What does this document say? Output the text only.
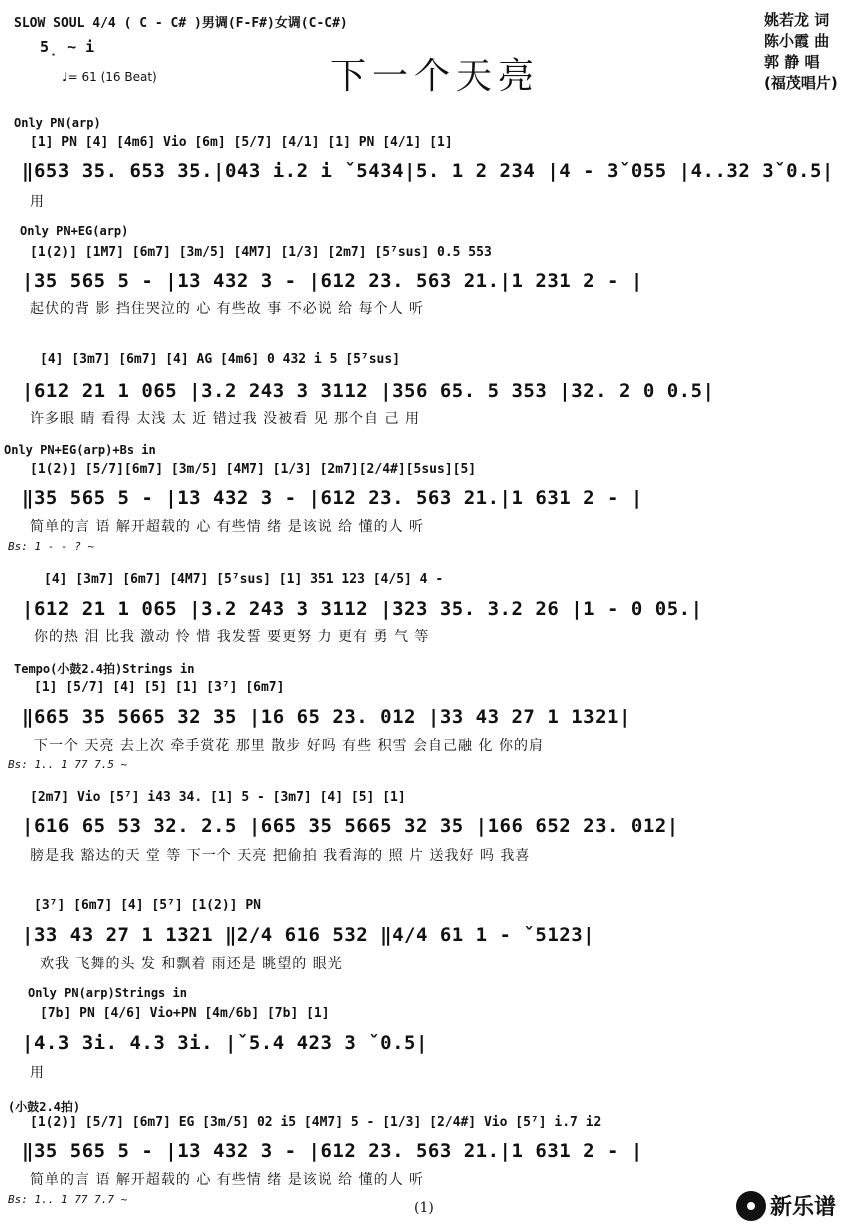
SLOW SOUL 4/4 ( C - C# )男调(F-F#)女调(C-C#)
5̣ ~ i
♩= 61 (16 Beat)	下一个天亮
姚若龙 词
陈小霞 曲
郭 静 唱
(福茂唱片)
Only PN(arp)
[1] PN [4] [4m6] Vio [6m] [5/7] [4/1] [1] PN [4/1] [1]
‖653 35. 653 35.|043 i.2 i ˇ5434|5. 1 2 234 |4 - 3ˇ055 |4..32 3ˇ0.5|
用
Only PN+EG(arp)
[1(2)] [1M7] [6m7] [3m/5] [4M7] [1/3] [2m7] [5⁷sus] 0.5 553
|35 565 5 - |13 432 3 - |612 23. 563 21.|1 231 2 - |
起伏的背 影 挡住哭泣的 心 有些故 事 不必说 给 每个人 听
[4] [3m7] [6m7] [4] AG [4m6] 0 432 i 5 [5⁷sus]
|612 21 1 065 |3.2 243 3 3112 |356 65. 5 353 |32. 2 0 0.5|
许多眼 睛 看得 太浅 太 近 错过我 没被看 见 那个自 己 用
Only PN+EG(arp)+Bs in
[1(2)] [5/7][6m7] [3m/5] [4M7] [1/3] [2m7][2/4#][5sus][5]
‖35 565 5 - |13 432 3 - |612 23. 563 21.|1 631 2 - |
简单的言 语 解开超载的 心 有些情 绪 是该说 给 懂的人 听
Bs: 1 - - ? ~
[4] [3m7] [6m7] [4M7] [5⁷sus] [1] 351 123 [4/5] 4 -
|612 21 1 065 |3.2 243 3 3112 |323 35. 3.2 26 |1 - 0 05.|
你的热 泪 比我 激动 怜 惜 我发誓 要更努 力 更有 勇 气 等
Tempo(小鼓2.4拍)Strings in
[1] [5/7] [4] [5] [1] [3⁷] [6m7]
‖665 35 5665 32 35 |16 65 23. 012 |33 43 27 1 1321|
下一个 天亮 去上次 牵手赏花 那里 散步 好吗 有些 积雪 会自己融 化 你的肩
Bs: 1.. 1 77 7.5 ~
[2m7] Vio [5⁷] i43 34. [1] 5 - [3m7] [4] [5] [1]
|616 65 53 32. 2.5 |665 35 5665 32 35 |166 652 23. 012|
膀是我 豁达的天 堂 等 下一个 天亮 把偷拍 我看海的 照 片 送我好 吗 我喜
[3⁷] [6m7] [4] [5⁷] [1(2)] PN
|33 43 27 1 1321 ‖2/4 616 532 ‖4/4 61 1 - ˇ5123|
欢我 飞舞的头 发 和飘着 雨还是 眺望的 眼光
Only PN(arp)Strings in
[7b] PN [4/6] Vio+PN [4m/6b] [7b] [1]
|4.3 3i. 4.3 3i. |ˇ5.4 423 3 ˇ0.5|
用
(小鼓2.4拍)
[1(2)] [5/7] [6m7] EG [3m/5] 02 i5 [4M7] 5 - [1/3] [2/4#] Vio [5⁷] i.7 i2
‖35 565 5 - |13 432 3 - |612 23. 563 21.|1 631 2 - |
简单的言 语 解开超载的 心 有些情 绪 是该说 给 懂的人 听
Bs: 1.. 1 77 7.7 ~
(1)	新乐谱
